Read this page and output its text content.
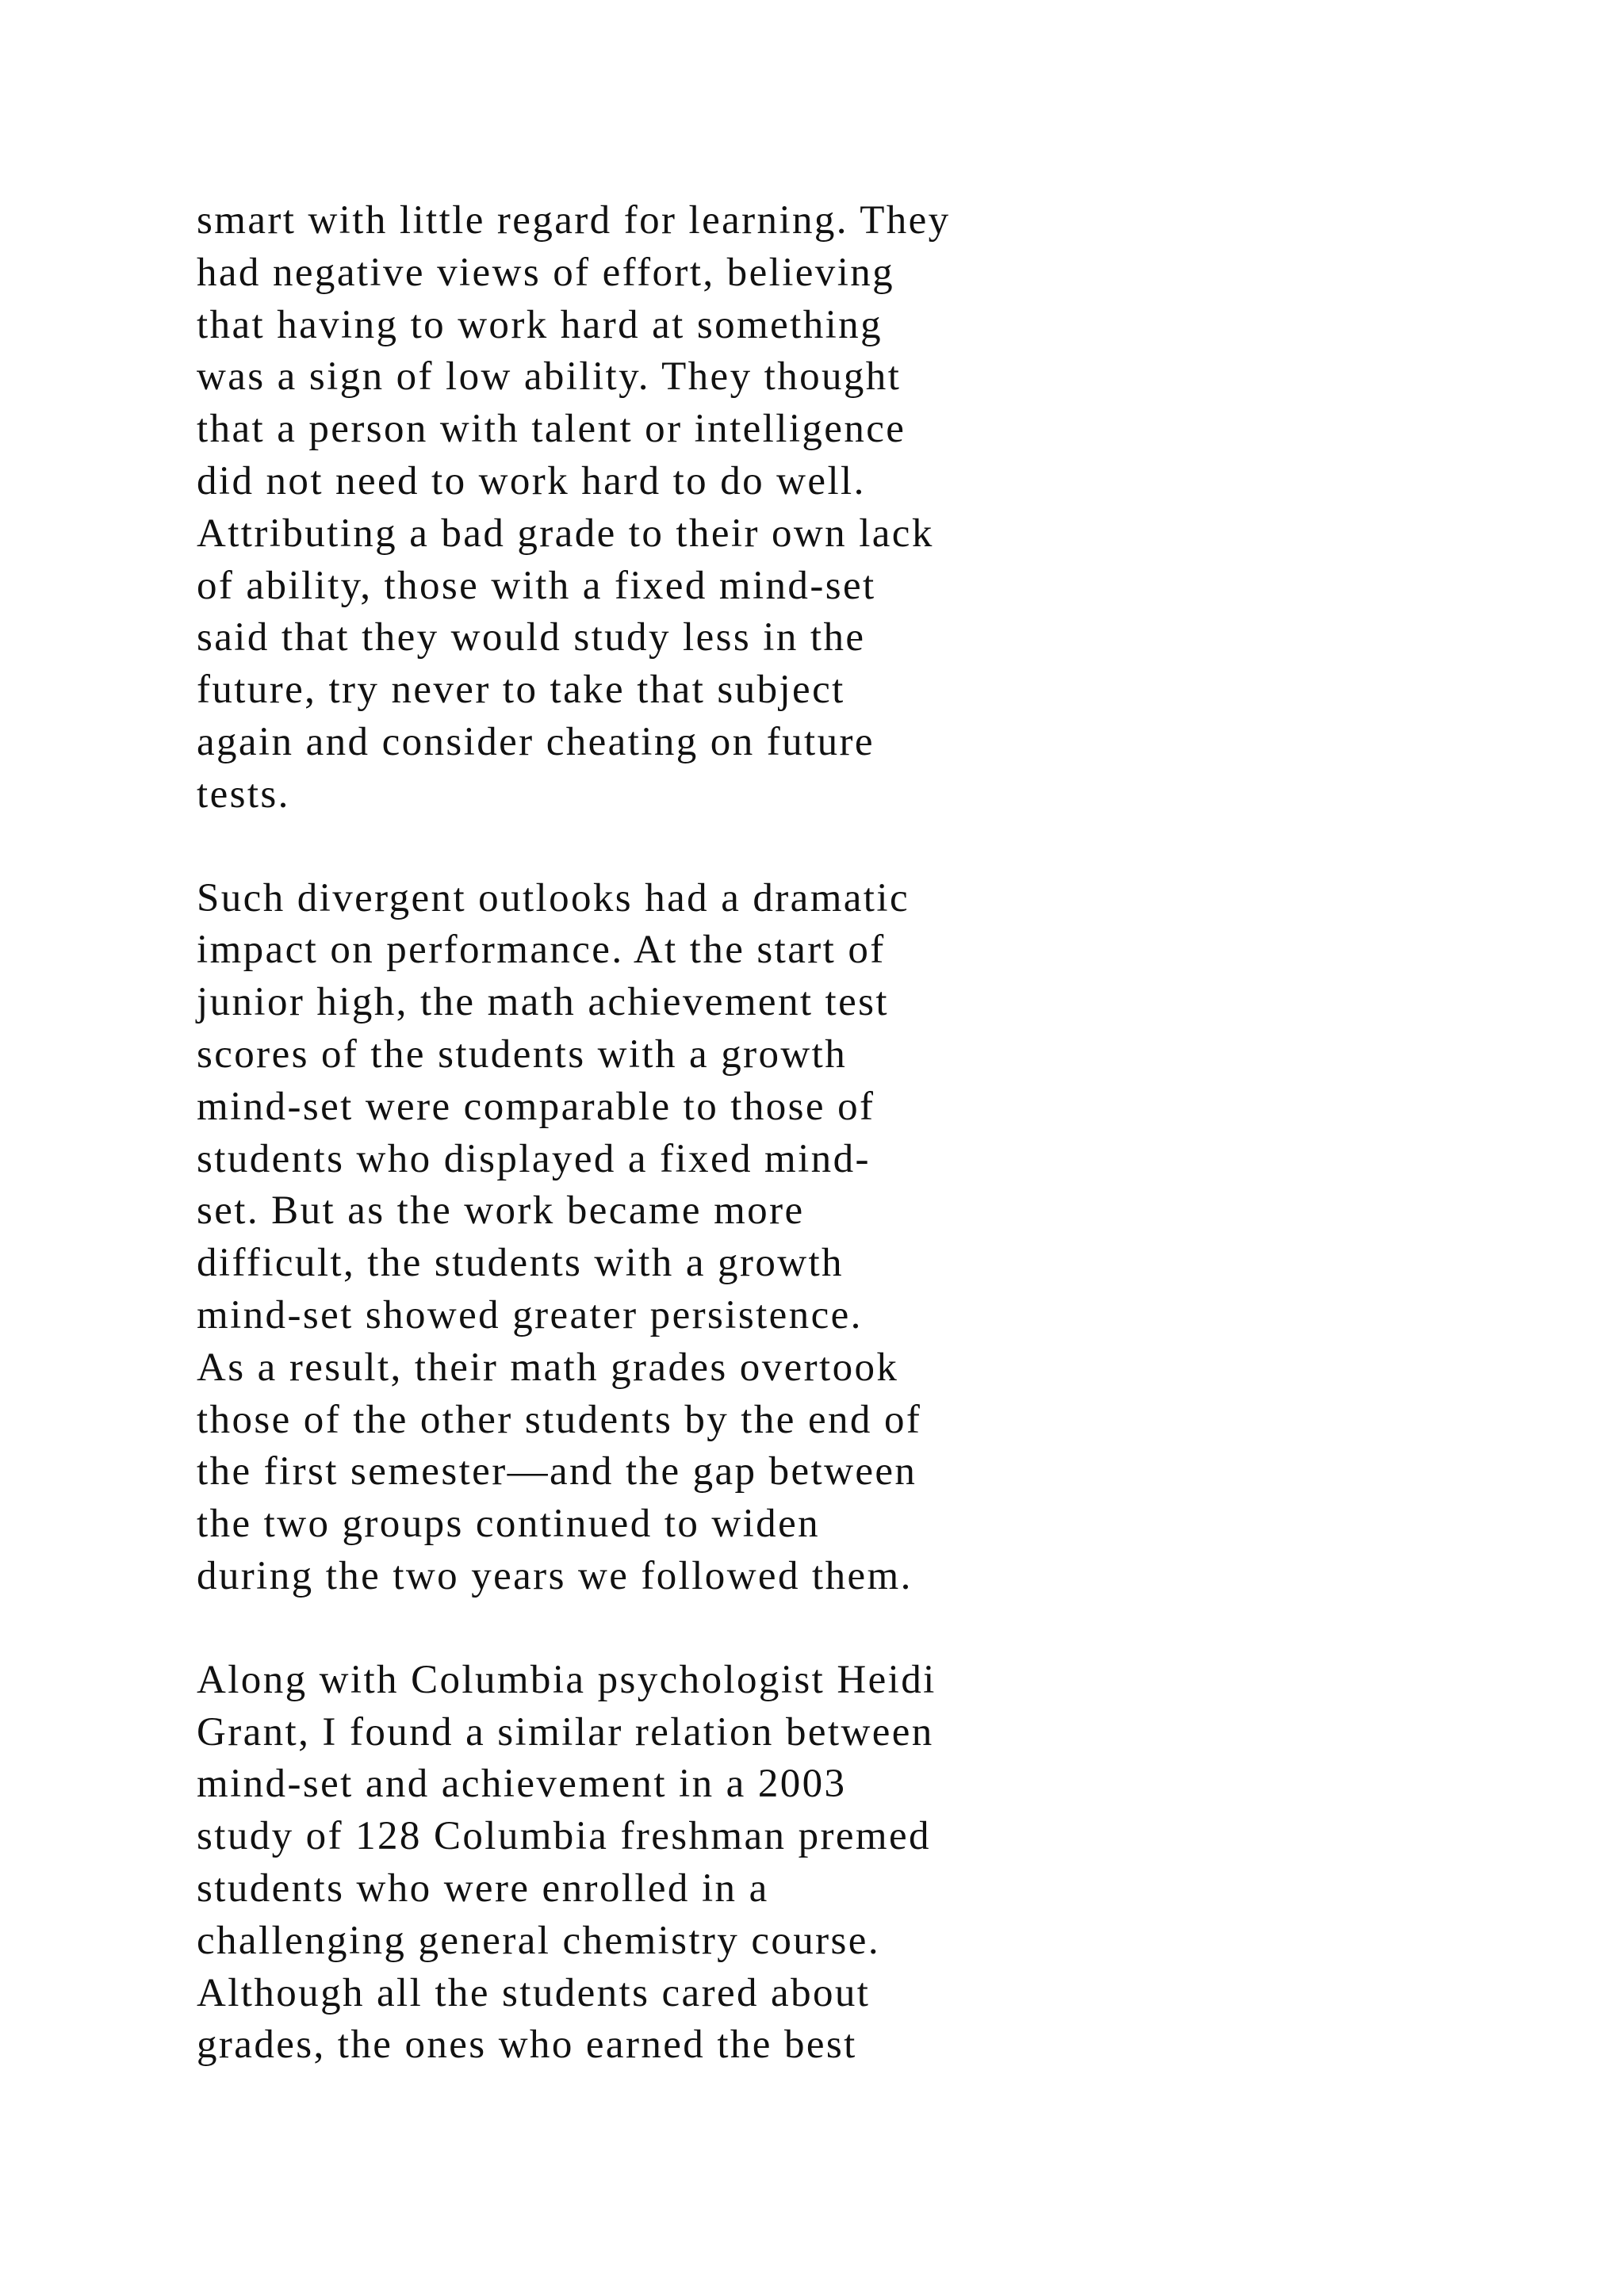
smart with little regard for learning. They
had negative views of effort, believing
that having to work hard at something
was a sign of low ability. They thought
that a person with talent or intelligence
did not need to work hard to do well.
Attributing a bad grade to their own lack
of ability, those with a fixed mind-set
said that they would study less in the
future, try never to take that subject
again and consider cheating on future
tests.

Such divergent outlooks had a dramatic
impact on performance. At the start of
junior high, the math achievement test
scores of the students with a growth
mind-set were comparable to those of
students who displayed a fixed mind-
set. But as the work became more
difficult, the students with a growth
mind-set showed greater persistence.
As a result, their math grades overtook
those of the other students by the end of
the first semester—and the gap between
the two groups continued to widen
during the two years we followed them.

Along with Columbia psychologist Heidi
Grant, I found a similar relation between
mind-set and achievement in a 2003
study of 128 Columbia freshman premed
students who were enrolled in a
challenging general chemistry course.
Although all the students cared about
grades, the ones who earned the best
